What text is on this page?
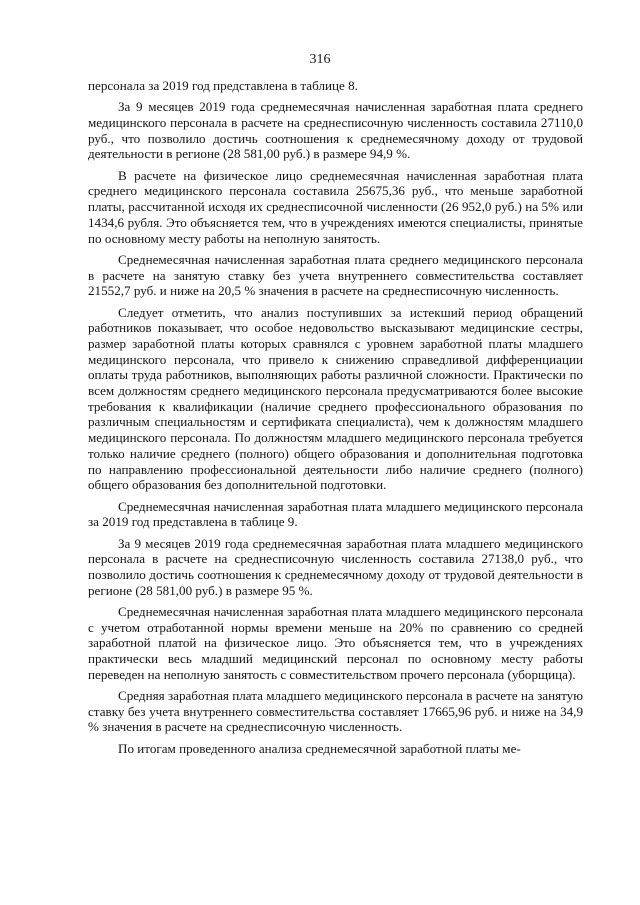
316

персонала за 2019 год представлена в таблице 8.

За 9 месяцев 2019 года среднемесячная начисленная заработная плата среднего медицинского персонала в расчете на среднесписочную численность составила 27110,0 руб., что позволило достичь соотношения к среднемесячному доходу от трудовой деятельности в регионе (28 581,00 руб.) в размере 94,9 %.

В расчете на физическое лицо среднемесячная начисленная заработная плата среднего медицинского персонала составила 25675,36 руб., что меньше заработной платы, рассчитанной исходя их среднесписочной численности (26 952,0 руб.) на 5% или 1434,6 рубля. Это объясняется тем, что в учреждениях имеются специалисты, принятые по основному месту работы на неполную занятость.

Среднемесячная начисленная заработная плата среднего медицинского персонала в расчете на занятую ставку без учета внутреннего совместительства составляет 21552,7 руб. и ниже на 20,5 % значения в расчете на среднесписочную численность.

Следует отметить, что анализ поступивших за истекший период обращений работников показывает, что особое недовольство высказывают медицинские сестры, размер заработной платы которых сравнялся с уровнем заработной платы младшего медицинского персонала, что привело к снижению справедливой дифференциации оплаты труда работников, выполняющих работы различной сложности. Практически по всем должностям среднего медицинского персонала предусматриваются более высокие требования к квалификации (наличие среднего профессионального образования по различным специальностям и сертификата специалиста), чем к должностям младшего медицинского персонала. По должностям младшего медицинского персонала требуется только наличие среднего (полного) общего образования и дополнительная подготовка по направлению профессиональной деятельности либо наличие среднего (полного) общего образования без дополнительной подготовки.

Среднемесячная начисленная заработная плата младшего медицинского персонала за 2019 год представлена в таблице 9.

За 9 месяцев 2019 года среднемесячная заработная плата младшего медицинского персонала в расчете на среднесписочную численность составила 27138,0 руб., что позволило достичь соотношения к среднемесячному доходу от трудовой деятельности в регионе (28 581,00 руб.) в размере 95 %.

Среднемесячная начисленная заработная плата младшего медицинского персонала с учетом отработанной нормы времени меньше на 20% по сравнению со средней заработной платой на физическое лицо. Это объясняется тем, что в учреждениях практически весь младший медицинский персонал по основному месту работы переведен на неполную занятость с совместительством прочего персонала (уборщица).

Средняя заработная плата младшего медицинского персонала в расчете на занятую ставку без учета внутреннего совместительства составляет 17665,96 руб. и ниже на 34,9 % значения в расчете на среднесписочную численность.

По итогам проведенного анализа среднемесячной заработной платы ме-
